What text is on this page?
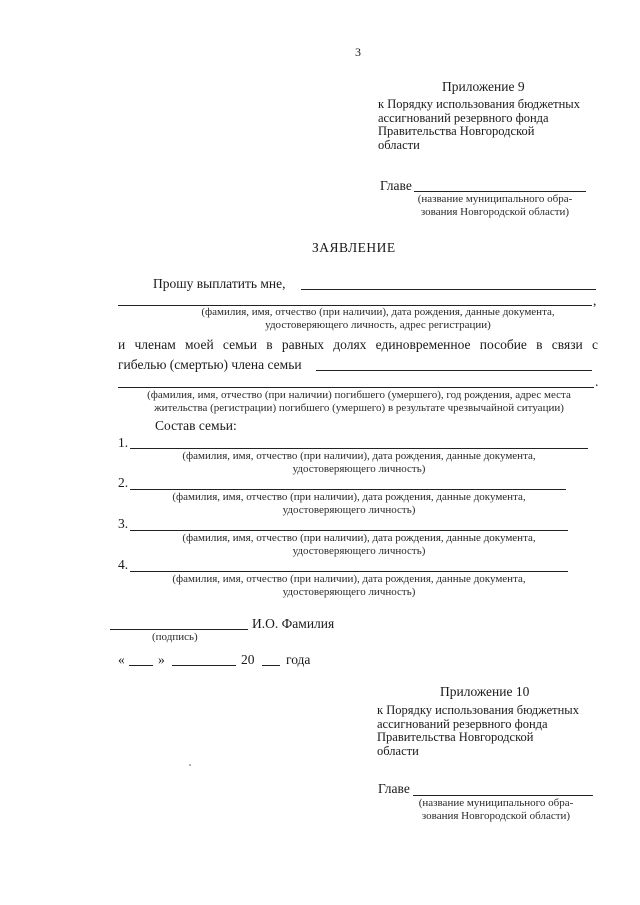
3
Приложение 9
к Порядку использования бюджетных
ассигнований резервного фонда
Правительства Новгородской
области
Главе
(название муниципального обра-
зования Новгородской области)
ЗАЯВЛЕНИЕ
Прошу выплатить мне,
,
(фамилия, имя, отчество (при наличии), дата рождения, данные документа,
удостоверяющего личность, адрес регистрации)
и членам моей семьи в равных долях единовременное пособие в связи с
гибелью (смертью) члена семьи
.
(фамилия, имя, отчество (при наличии) погибшего (умершего), год рождения, адрес места
жительства (регистрации) погибшего (умершего) в результате чрезвычайной ситуации)
Состав семьи:
1.
(фамилия, имя, отчество (при наличии), дата рождения, данные документа,
удостоверяющего личность)
2.
(фамилия, имя, отчество (при наличии), дата рождения, данные документа,
удостоверяющего личность)
3.
(фамилия, имя, отчество (при наличии), дата рождения, данные документа,
удостоверяющего личность)
4.
(фамилия, имя, отчество (при наличии), дата рождения, данные документа,
удостоверяющего личность)
И.О. Фамилия
(подпись)
« »	20 года
Приложение 10
к Порядку использования бюджетных
ассигнований резервного фонда
Правительства Новгородской
области
Главе
(название муниципального обра-
зования Новгородской области)
